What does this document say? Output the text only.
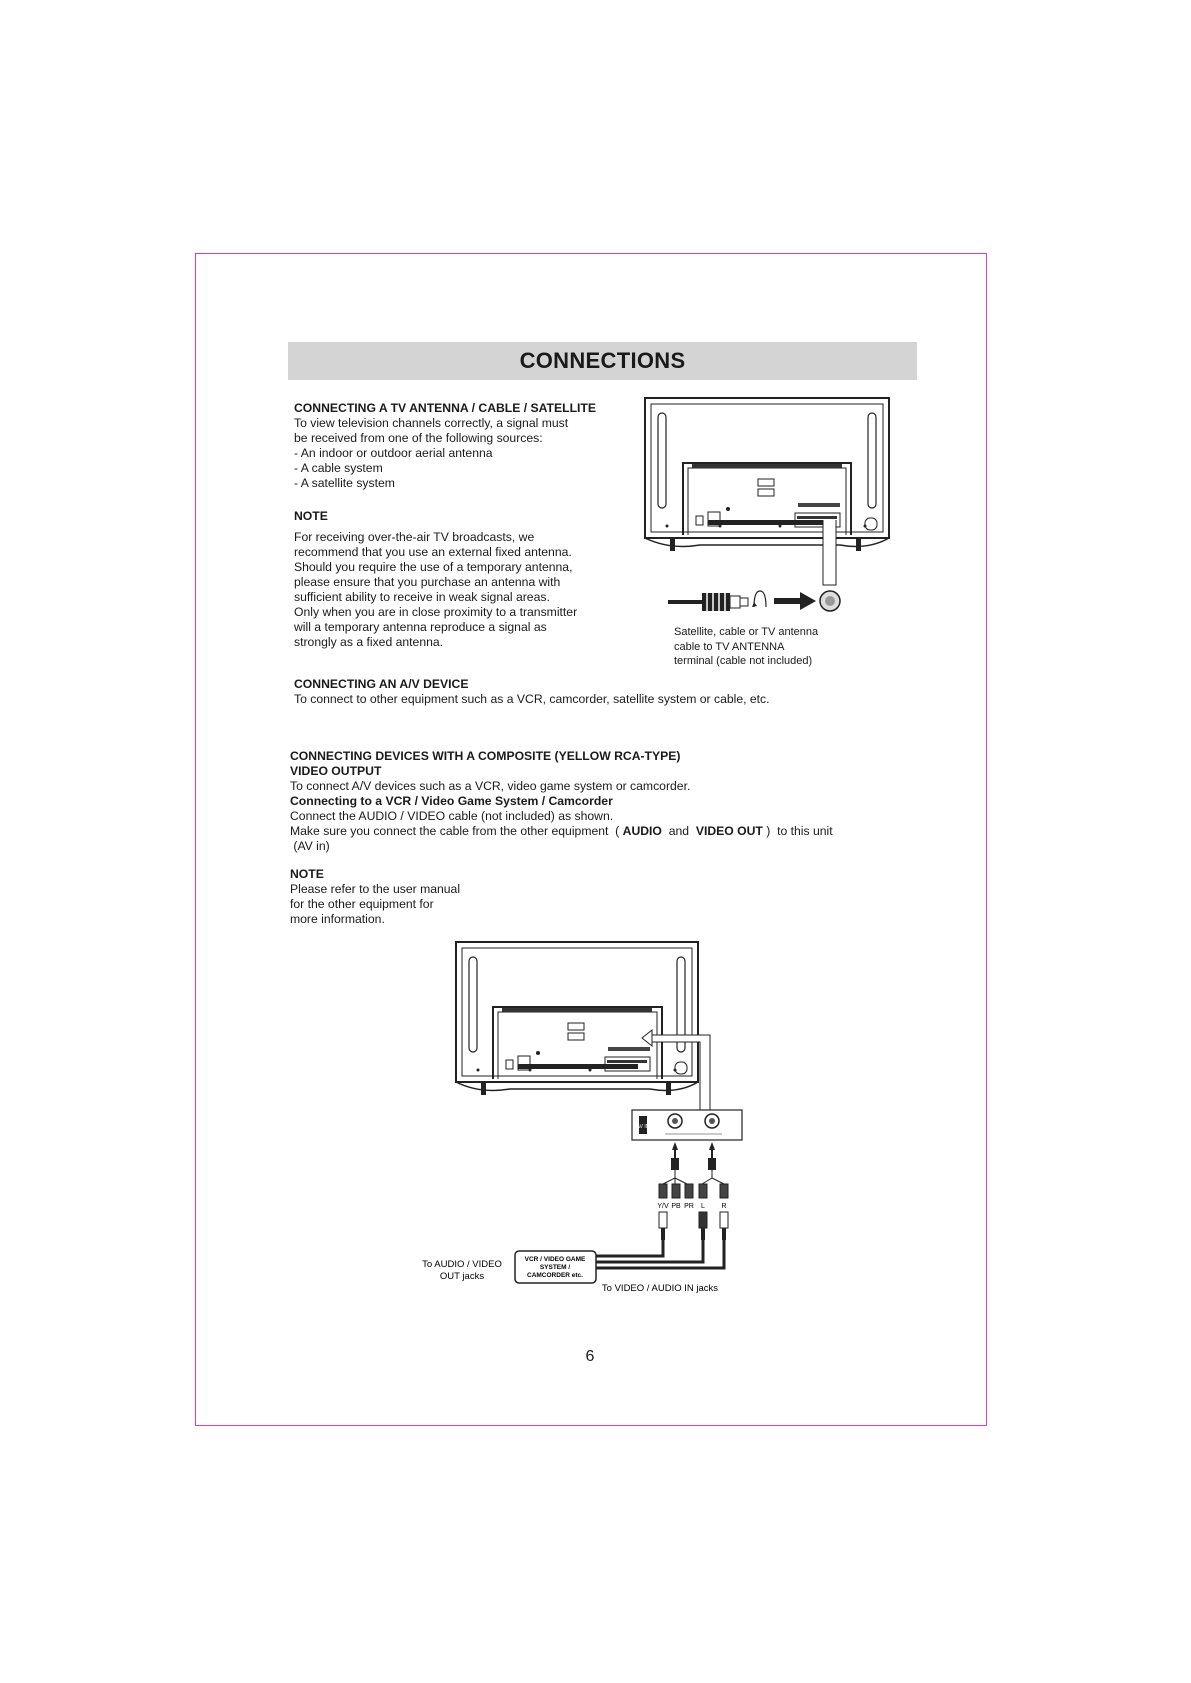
CONNECTIONS
CONNECTING A TV ANTENNA / CABLE / SATELLITE
To view television channels correctly, a signal must
be received from one of the following sources:
- An indoor or outdoor aerial antenna
- A cable system
- A satellite system
NOTE
For receiving over-the-air TV broadcasts, we
recommend that you use an external fixed antenna.
Should you require the use of a temporary antenna,
please ensure that you purchase an antenna with
sufficient ability to receive in weak signal areas.
Only when you are in close proximity to a transmitter
will a temporary antenna reproduce a signal as
strongly as a fixed antenna.
Satellite, cable or TV antenna
cable to TV ANTENNA
terminal (cable not included)
CONNECTING AN A/V DEVICE
To connect to other equipment such as a VCR, camcorder, satellite system or cable, etc.
CONNECTING DEVICES WITH A COMPOSITE (YELLOW RCA-TYPE)
VIDEO OUTPUT
To connect A/V devices such as a VCR, video game system or camcorder.
Connecting to a VCR / Video Game System / Camcorder
Connect the AUDIO / VIDEO cable (not included) as shown.
Make sure you connect the cable from the other equipment  ( AUDIO  and  VIDEO OUT )  to this unit
(AV in)
NOTE
Please refer to the user manual
for the other equipment for
more information.
AV IN
Y/V PB PR L R
VCR / VIDEO GAME
SYSTEM /
CAMCORDER etc.
To AUDIO / VIDEO
OUT jacks
To VIDEO / AUDIO IN jacks
6
